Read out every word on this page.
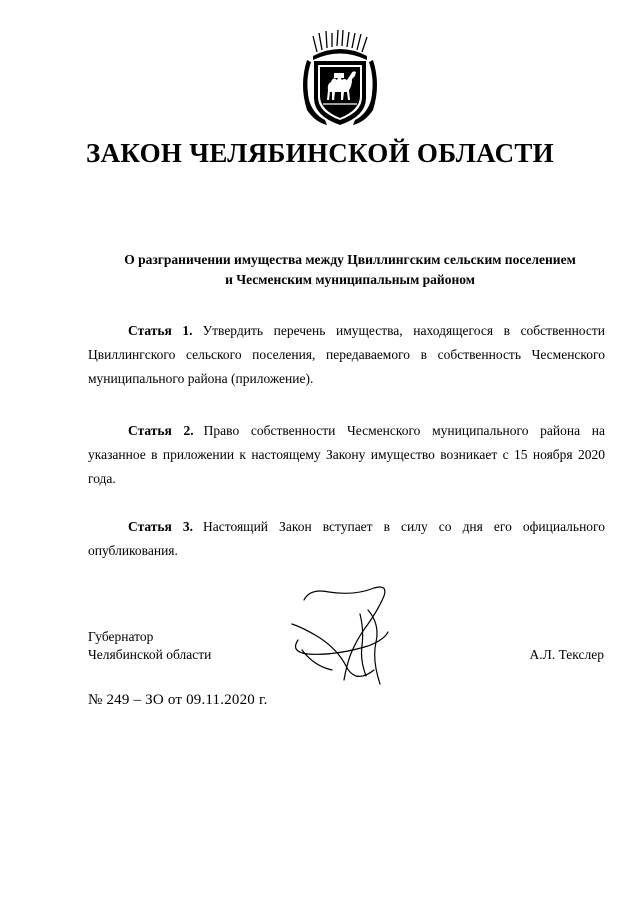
ЗАКОН ЧЕЛЯБИНСКОЙ ОБЛАСТИ
О разграничении имущества между Цвиллингским сельским поселением
и Чесменским муниципальным районом
Статья 1. Утвердить перечень имущества, находящегося в собственности Цвиллингского сельского поселения, передаваемого в собственность Чесменского муниципального района (приложение).
Статья 2. Право собственности Чесменского муниципального района на указанное в приложении к настоящему Закону имущество возникает с 15 ноября 2020 года.
Статья 3. Настоящий Закон вступает в силу со дня его официального опубликования.
Губернатор
Челябинской области	А.Л. Текслер
№ 249 – ЗО от 09.11.2020 г.
